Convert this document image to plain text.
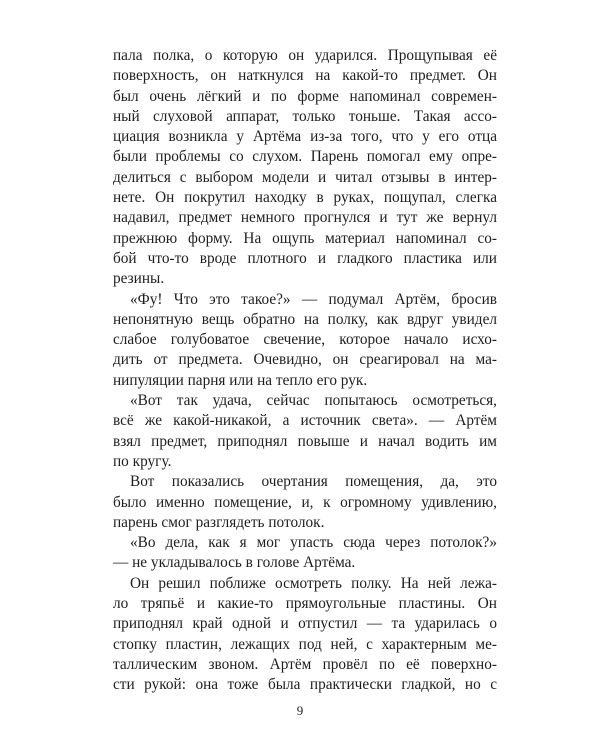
пала полка, о которую он ударился. Прощупывая её
поверхность, он наткнулся на какой-то предмет. Он
был очень лёгкий и по форме напоминал современ-
ный слуховой аппарат, только тоньше. Такая ассо-
циация возникла у Артёма из-за того, что у его отца
были проблемы со слухом. Парень помогал ему опре-
делиться с выбором модели и читал отзывы в интер-
нете. Он покрутил находку в руках, пощупал, слегка
надавил, предмет немного прогнулся и тут же вернул
прежнюю форму. На ощупь материал напоминал со-
бой что-то вроде плотного и гладкого пластика или
резины.
«Фу! Что это такое?» — подумал Артём, бросив
непонятную вещь обратно на полку, как вдруг увидел
слабое голубоватое свечение, которое начало исхо-
дить от предмета. Очевидно, он среагировал на ма-
нипуляции парня или на тепло его рук.
«Вот так удача, сейчас попытаюсь осмотреться,
всё же какой-никакой, а источник света». — Артём
взял предмет, приподнял повыше и начал водить им
по кругу.
Вот показались очертания помещения, да, это
было именно помещение, и, к огромному удивлению,
парень смог разглядеть потолок.
«Во дела, как я мог упасть сюда через потолок?»
— не укладывалось в голове Артёма.
Он решил поближе осмотреть полку. На ней лежа-
ло тряпьё и какие-то прямоугольные пластины. Он
приподнял край одной и отпустил — та ударилась о
стопку пластин, лежащих под ней, с характерным ме-
таллическим звоном. Артём провёл по её поверхно-
сти рукой: она тоже была практически гладкой, но с
9
